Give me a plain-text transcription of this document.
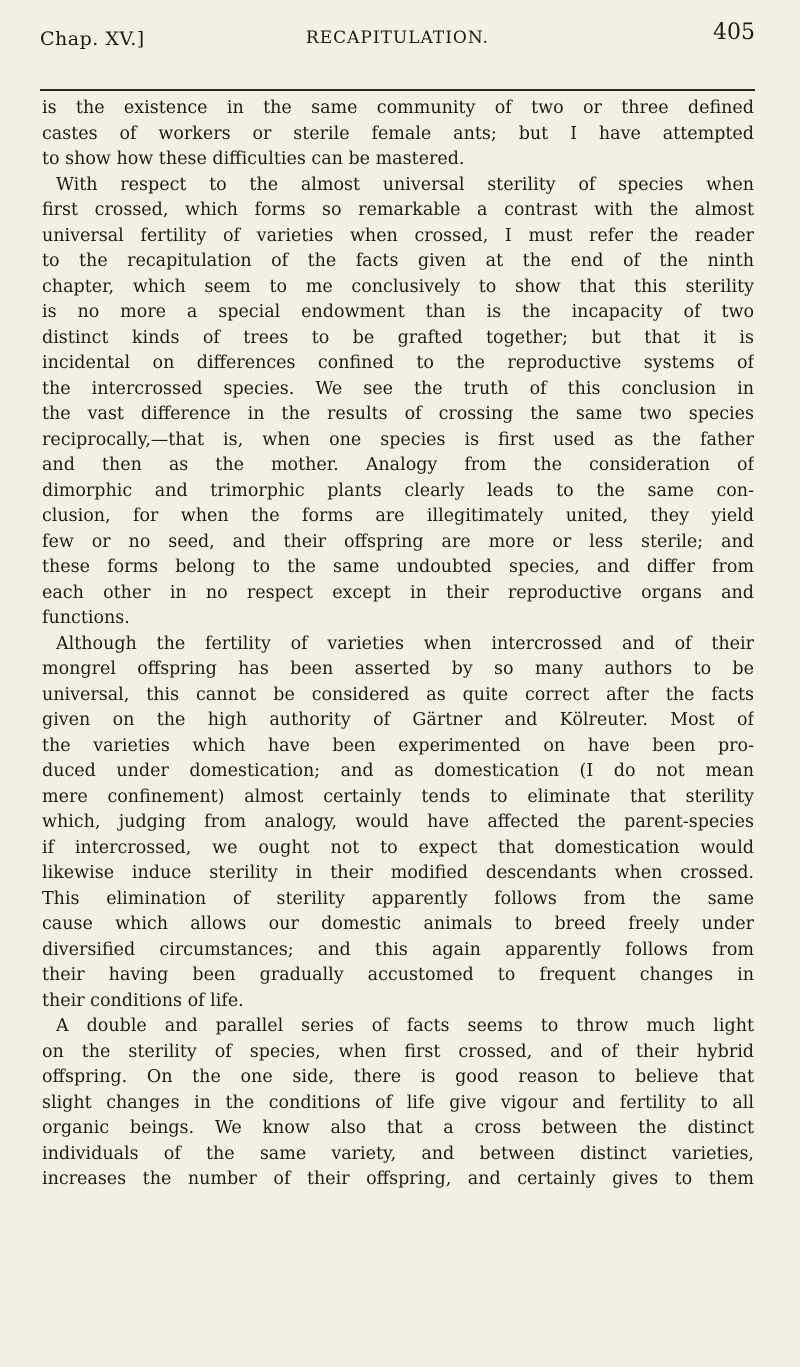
Chap. XV.]	RECAPITULATION.	405
is the existence in the same community of two or three defined
castes of workers or sterile female ants; but I have attempted
to show how these difficulties can be mastered.
With respect to the almost universal sterility of species when
first crossed, which forms so remarkable a contrast with the almost
universal fertility of varieties when crossed, I must refer the reader
to the recapitulation of the facts given at the end of the ninth
chapter, which seem to me conclusively to show that this sterility
is no more a special endowment than is the incapacity of two
distinct kinds of trees to be grafted together; but that it is
incidental on differences confined to the reproductive systems of
the intercrossed species. We see the truth of this conclusion in
the vast difference in the results of crossing the same two species
reciprocally,—that is, when one species is first used as the father
and then as the mother. Analogy from the consideration of
dimorphic and trimorphic plants clearly leads to the same con-
clusion, for when the forms are illegitimately united, they yield
few or no seed, and their offspring are more or less sterile; and
these forms belong to the same undoubted species, and differ from
each other in no respect except in their reproductive organs and
functions.
Although the fertility of varieties when intercrossed and of their
mongrel offspring has been asserted by so many authors to be
universal, this cannot be considered as quite correct after the facts
given on the high authority of Gärtner and Kölreuter. Most of
the varieties which have been experimented on have been pro-
duced under domestication; and as domestication (I do not mean
mere confinement) almost certainly tends to eliminate that sterility
which, judging from analogy, would have affected the parent-species
if intercrossed, we ought not to expect that domestication would
likewise induce sterility in their modified descendants when crossed.
This elimination of sterility apparently follows from the same
cause which allows our domestic animals to breed freely under
diversified circumstances; and this again apparently follows from
their having been gradually accustomed to frequent changes in
their conditions of life.
A double and parallel series of facts seems to throw much light
on the sterility of species, when first crossed, and of their hybrid
offspring. On the one side, there is good reason to believe that
slight changes in the conditions of life give vigour and fertility to all
organic beings. We know also that a cross between the distinct
individuals of the same variety, and between distinct varieties,
increases the number of their offspring, and certainly gives to them
